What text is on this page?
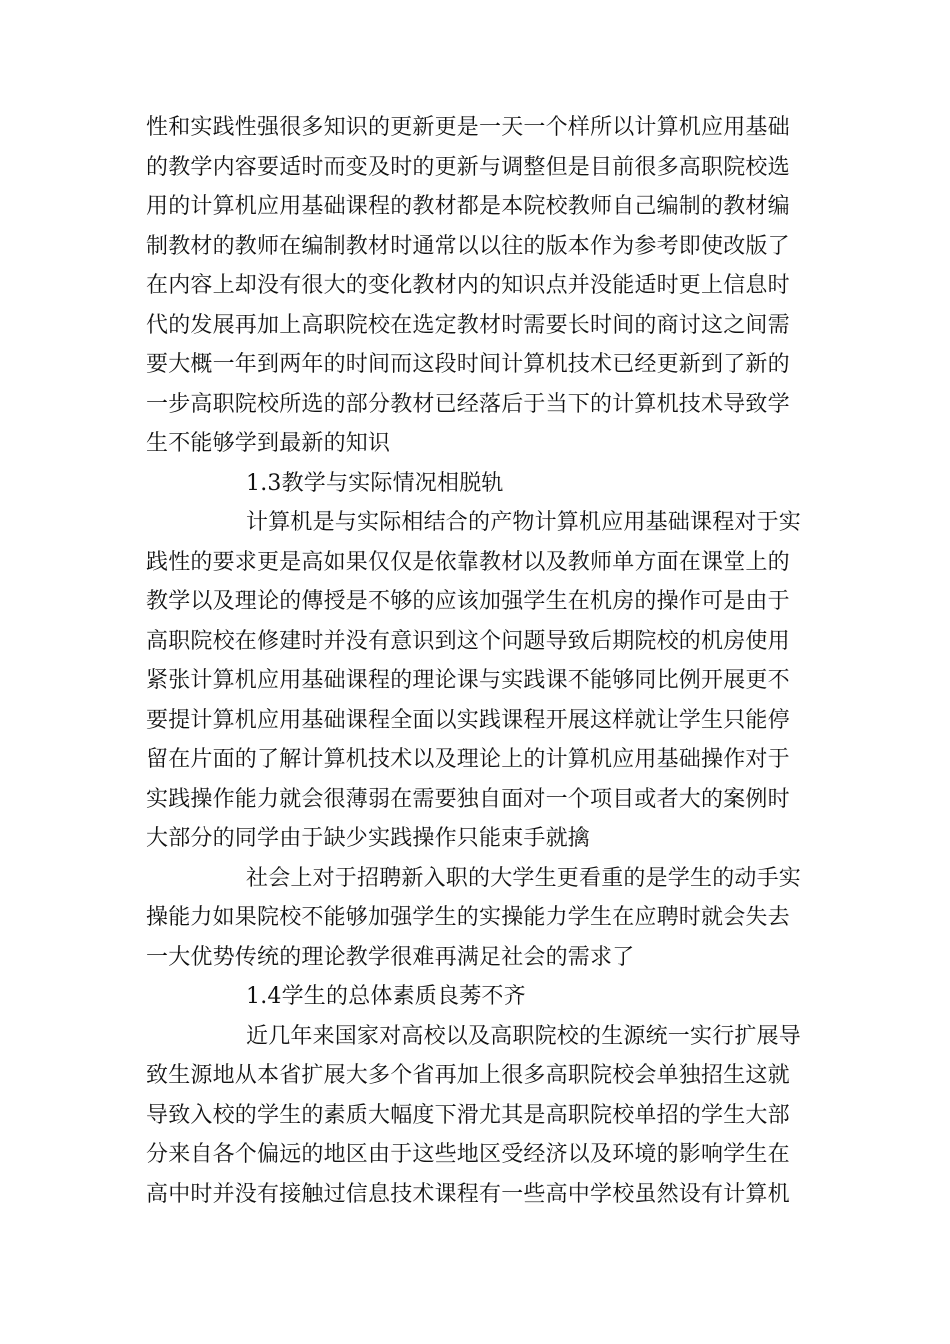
性和实践性强很多知识的更新更是一天一个样所以计算机应用基础

的教学内容要适时而变及时的更新与调整但是目前很多高职院校选

用的计算机应用基础课程的教材都是本院校教师自己编制的教材编

制教材的教师在编制教材时通常以以往的版本作为参考即使改版了

在内容上却没有很大的变化教材内的知识点并没能适时更上信息时

代的发展再加上高职院校在选定教材时需要长时间的商讨这之间需

要大概一年到两年的时间而这段时间计算机技术已经更新到了新的

一步高职院校所选的部分教材已经落后于当下的计算机技术导致学

生不能够学到最新的知识

1.3教学与实际情况相脱轨

计算机是与实际相结合的产物计算机应用基础课程对于实

践性的要求更是高如果仅仅是依靠教材以及教师单方面在课堂上的

教学以及理论的傳授是不够的应该加强学生在机房的操作可是由于

高职院校在修建时并没有意识到这个问题导致后期院校的机房使用

紧张计算机应用基础课程的理论课与实践课不能够同比例开展更不

要提计算机应用基础课程全面以实践课程开展这样就让学生只能停

留在片面的了解计算机技术以及理论上的计算机应用基础操作对于

实践操作能力就会很薄弱在需要独自面对一个项目或者大的案例时

大部分的同学由于缺少实践操作只能束手就擒

社会上对于招聘新入职的大学生更看重的是学生的动手实

操能力如果院校不能够加强学生的实操能力学生在应聘时就会失去

一大优势传统的理论教学很难再满足社会的需求了

1.4学生的总体素质良莠不齐

近几年来国家对高校以及高职院校的生源统一实行扩展导

致生源地从本省扩展大多个省再加上很多高职院校会单独招生这就

导致入校的学生的素质大幅度下滑尤其是高职院校单招的学生大部

分来自各个偏远的地区由于这些地区受经济以及环境的影响学生在

高中时并没有接触过信息技术课程有一些高中学校虽然设有计算机
